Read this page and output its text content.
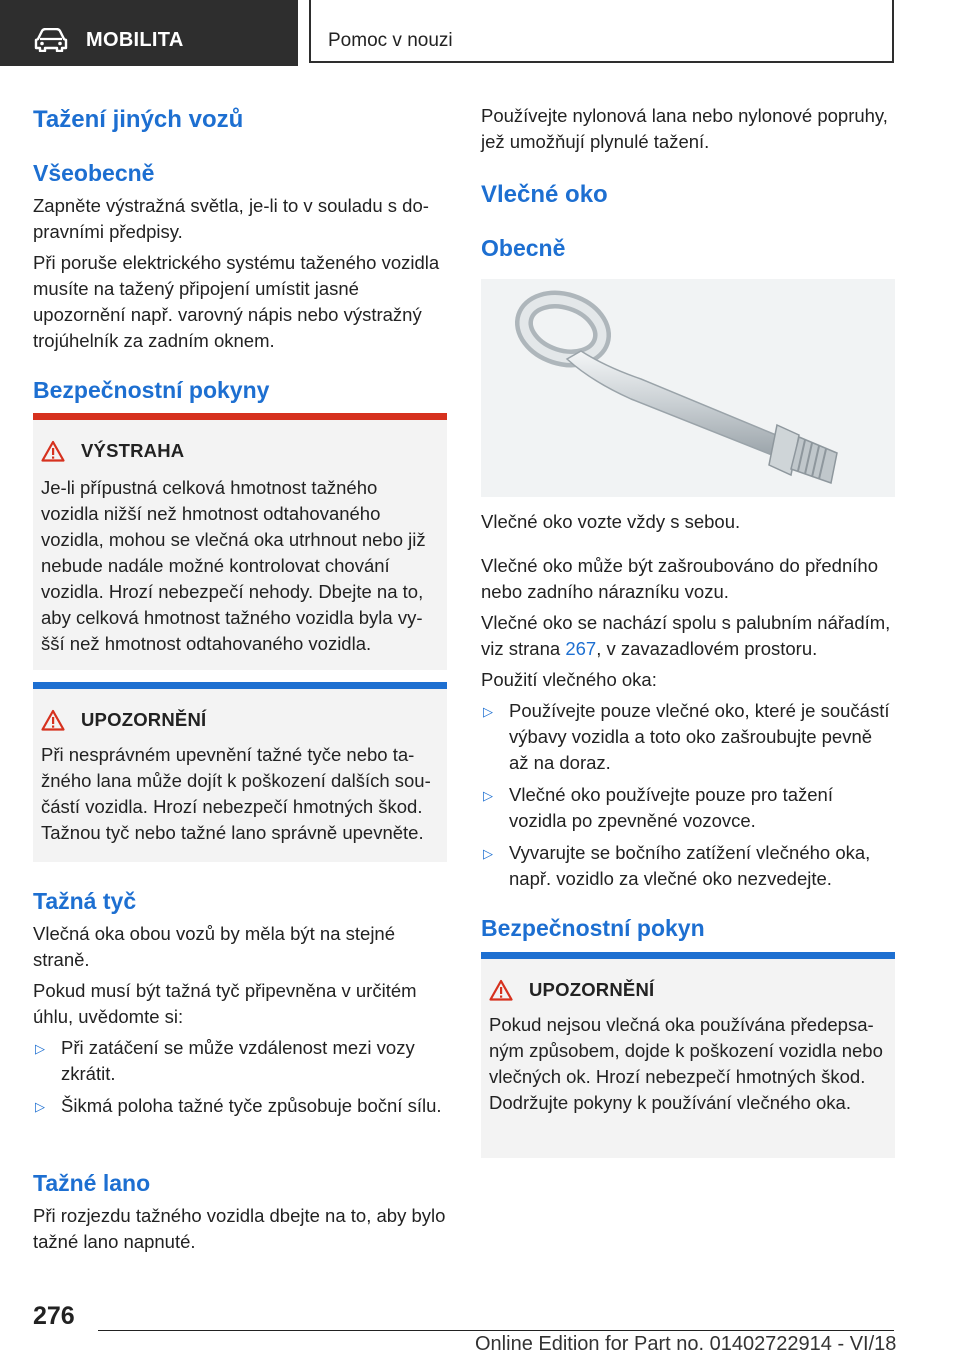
MOBILITA	Pomoc v nouzi
Tažení jiných vozů
Všeobecně

Zapněte výstražná světla, je-li to v souladu s dopravními předpisy.

Při poruše elektrického systému taženého vozidla musíte na tažený připojení umístit jasné upozornění např. varovný nápis nebo výstražný trojúhelník za zadním oknem.

Bezpečnostní pokyny
VÝSTRAHA

Je-li přípustná celková hmotnost tažného vozidla nižší než hmotnost odtahovaného vozidla, mohou se vlečná oka utrhnout nebo již nebude nadále možné kontrolovat chování vozidla. Hrozí nebezpečí nehody. Dbejte na to, aby celková hmotnost tažného vozidla byla vyšší než hmotnost odtahovaného vozidla.

UPOZORNĚNÍ

Při nesprávném upevnění tažné tyče nebo tažného lana může dojít k poškození dalších součástí vozidla. Hrozí nebezpečí hmotných škod. Tažnou tyč nebo tažné lano správně upevněte.

Tažná tyč

Vlečná oka obou vozů by měla být na stejné straně.

Pokud musí být tažná tyč připevněna v určitém úhlu, uvědomte si:

▷ Při zatáčení se může vzdálenost mezi vozy zkrátit.
▷ Šikmá poloha tažné tyče způsobuje boční sílu.
Tažné lano

Při rozjezdu tažného vozidla dbejte na to, aby bylo tažné lano napnuté.

Používejte nylonová lana nebo nylonové popruhy, jež umožňují plynulé tažení.

Vlečné oko
Obecně

Vlečné oko vozte vždy s sebou.

Vlečné oko může být zašroubováno do předního nebo zadního nárazníku vozu.

Vlečné oko se nachází spolu s palubním nářadím, viz strana 267, v zavazadlovém prostoru.

Použití vlečného oka:

▷ Používejte pouze vlečné oko, které je součástí výbavy vozidla a toto oko zašroubujte pevně až na doraz.
▷ Vlečné oko používejte pouze pro tažení vozidla po zpevněné vozovce.
▷ Vyvarujte se bočního zatížení vlečného oka, např. vozidlo za vlečné oko nezvedejte.
Bezpečnostní pokyn
UPOZORNĚNÍ

Pokud nejsou vlečná oka používána předepsaným způsobem, dojde k poškození vozidla nebo vlečných ok. Hrozí nebezpečí hmotných škod. Dodržujte pokyny k používání vlečného oka.

276
Online Edition for Part no. 01402722914 - VI/18
